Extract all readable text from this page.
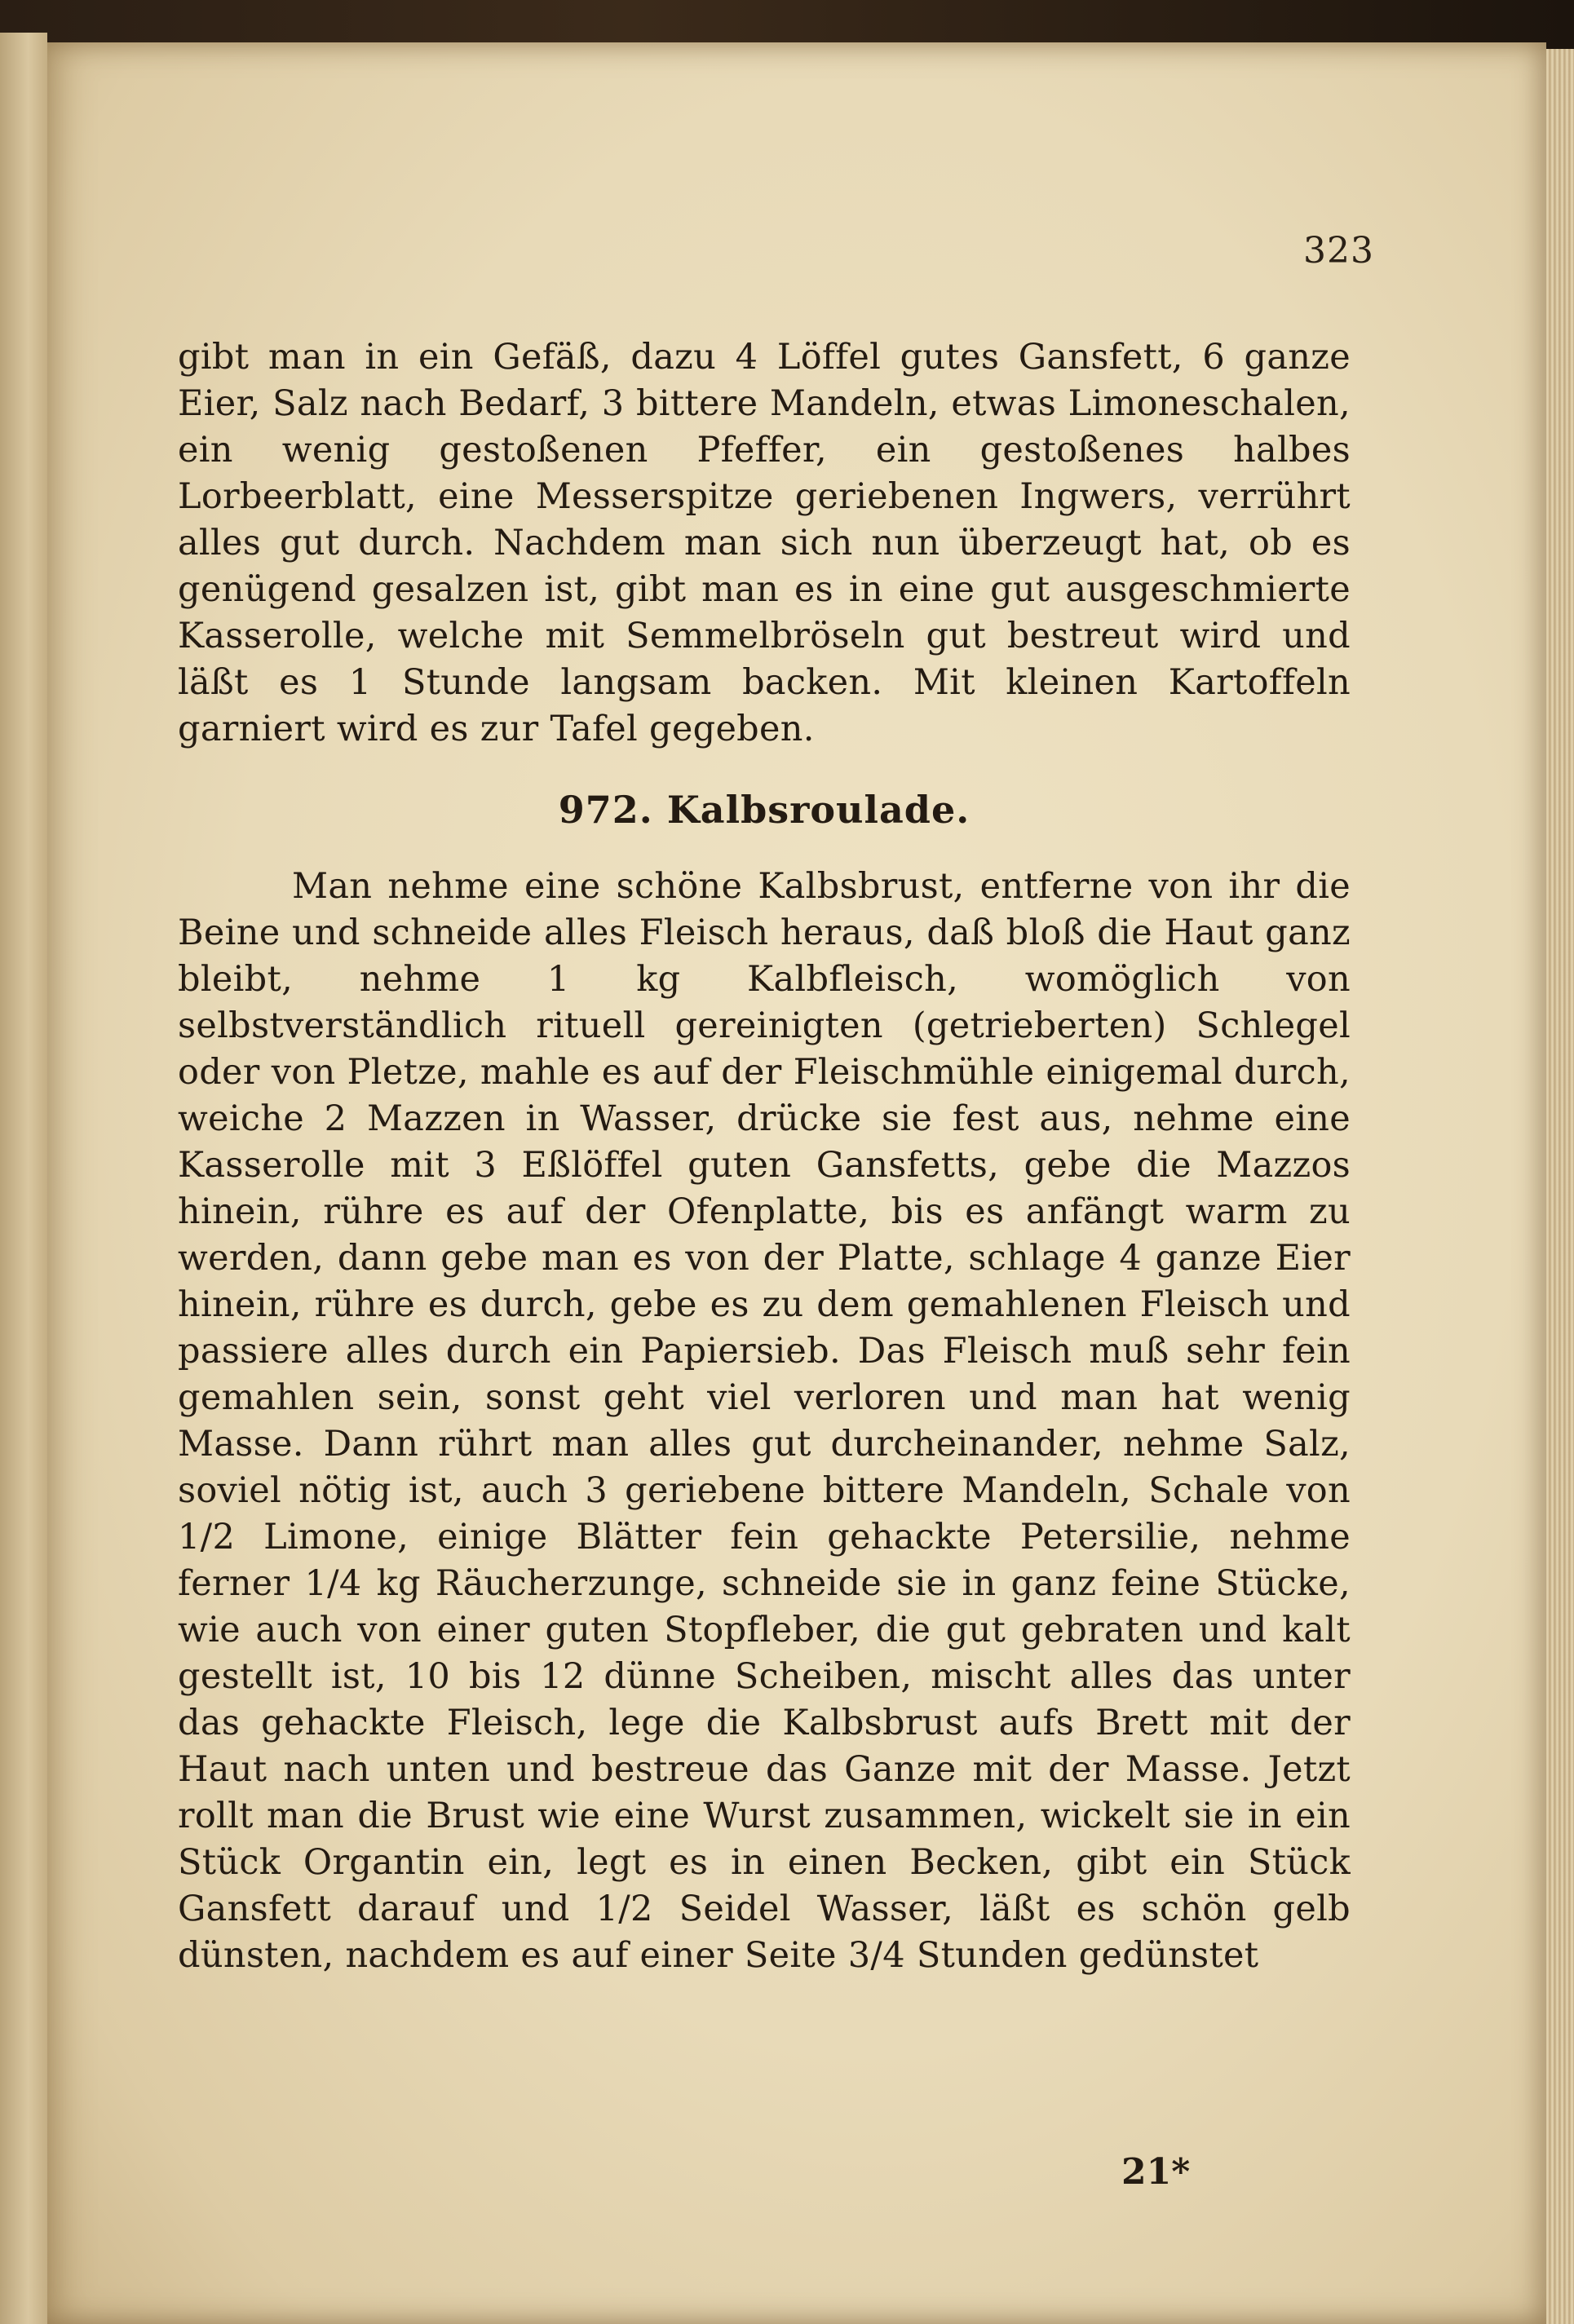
323

gibt man in ein Gefäß, dazu 4 Löffel gutes Gansfett, 6 ganze Eier, Salz nach Bedarf, 3 bittere Mandeln, etwas Limoneschalen, ein wenig gestoßenen Pfeffer, ein gestoßenes halbes Lorbeerblatt, eine Messerspitze geriebenen Ingwers, verrührt alles gut durch. Nachdem man sich nun überzeugt hat, ob es genügend gesalzen ist, gibt man es in eine gut ausgeschmierte Kasserolle, welche mit Semmelbröseln gut bestreut wird und läßt es 1 Stunde langsam backen. Mit kleinen Kartoffeln garniert wird es zur Tafel gegeben.

972. Kalbsroulade.

Man nehme eine schöne Kalbsbrust, entferne von ihr die Beine und schneide alles Fleisch heraus, daß bloß die Haut ganz bleibt, nehme 1 kg Kalbfleisch, womöglich von selbstverständlich rituell gereinigten (getrieberten) Schlegel oder von Pletze, mahle es auf der Fleischmühle einigemal durch, weiche 2 Mazzen in Wasser, drücke sie fest aus, nehme eine Kasserolle mit 3 Eßlöffel guten Gansfetts, gebe die Mazzos hinein, rühre es auf der Ofenplatte, bis es anfängt warm zu werden, dann gebe man es von der Platte, schlage 4 ganze Eier hinein, rühre es durch, gebe es zu dem gemahlenen Fleisch und passiere alles durch ein Papiersieb. Das Fleisch muß sehr fein gemahlen sein, sonst geht viel verloren und man hat wenig Masse. Dann rührt man alles gut durcheinander, nehme Salz, soviel nötig ist, auch 3 geriebene bittere Mandeln, Schale von 1/2 Limone, einige Blätter fein gehackte Petersilie, nehme ferner 1/4 kg Räucherzunge, schneide sie in ganz feine Stücke, wie auch von einer guten Stopfleber, die gut gebraten und kalt gestellt ist, 10 bis 12 dünne Scheiben, mischt alles das unter das gehackte Fleisch, lege die Kalbsbrust aufs Brett mit der Haut nach unten und bestreue das Ganze mit der Masse. Jetzt rollt man die Brust wie eine Wurst zusammen, wickelt sie in ein Stück Organtin ein, legt es in einen Becken, gibt ein Stück Gansfett darauf und 1/2 Seidel Wasser, läßt es schön gelb dünsten, nachdem es auf einer Seite 3/4 Stunden gedünstet

21*
